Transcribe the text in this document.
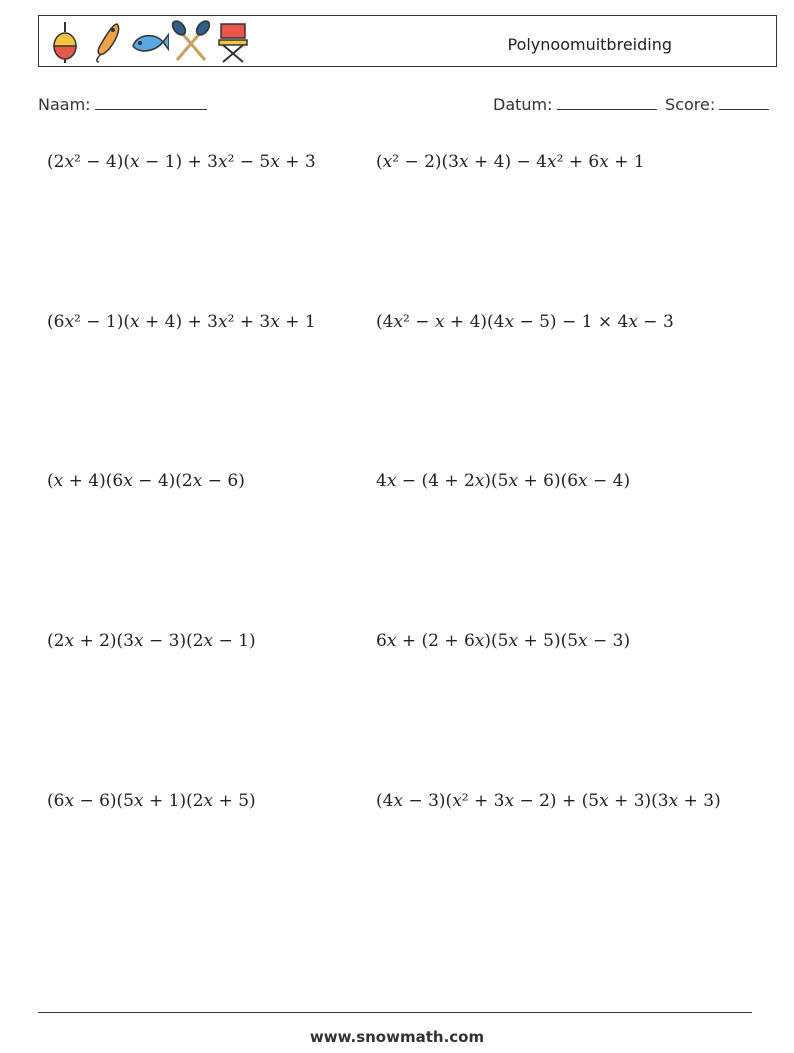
Polynoomuitbreiding
Naam:	Datum:	Score:
(2x² − 4)(x − 1) + 3x² − 5x + 3	(x² − 2)(3x + 4) − 4x² + 6x + 1
(6x² − 1)(x + 4) + 3x² + 3x + 1	(4x² − x + 4)(4x − 5) − 1 × 4x − 3
(x + 4)(6x − 4)(2x − 6)	4x − (4 + 2x)(5x + 6)(6x − 4)
(2x + 2)(3x − 3)(2x − 1)	6x + (2 + 6x)(5x + 5)(5x − 3)
(6x − 6)(5x + 1)(2x + 5)	(4x − 3)(x² + 3x − 2) + (5x + 3)(3x + 3)
www.snowmath.com
